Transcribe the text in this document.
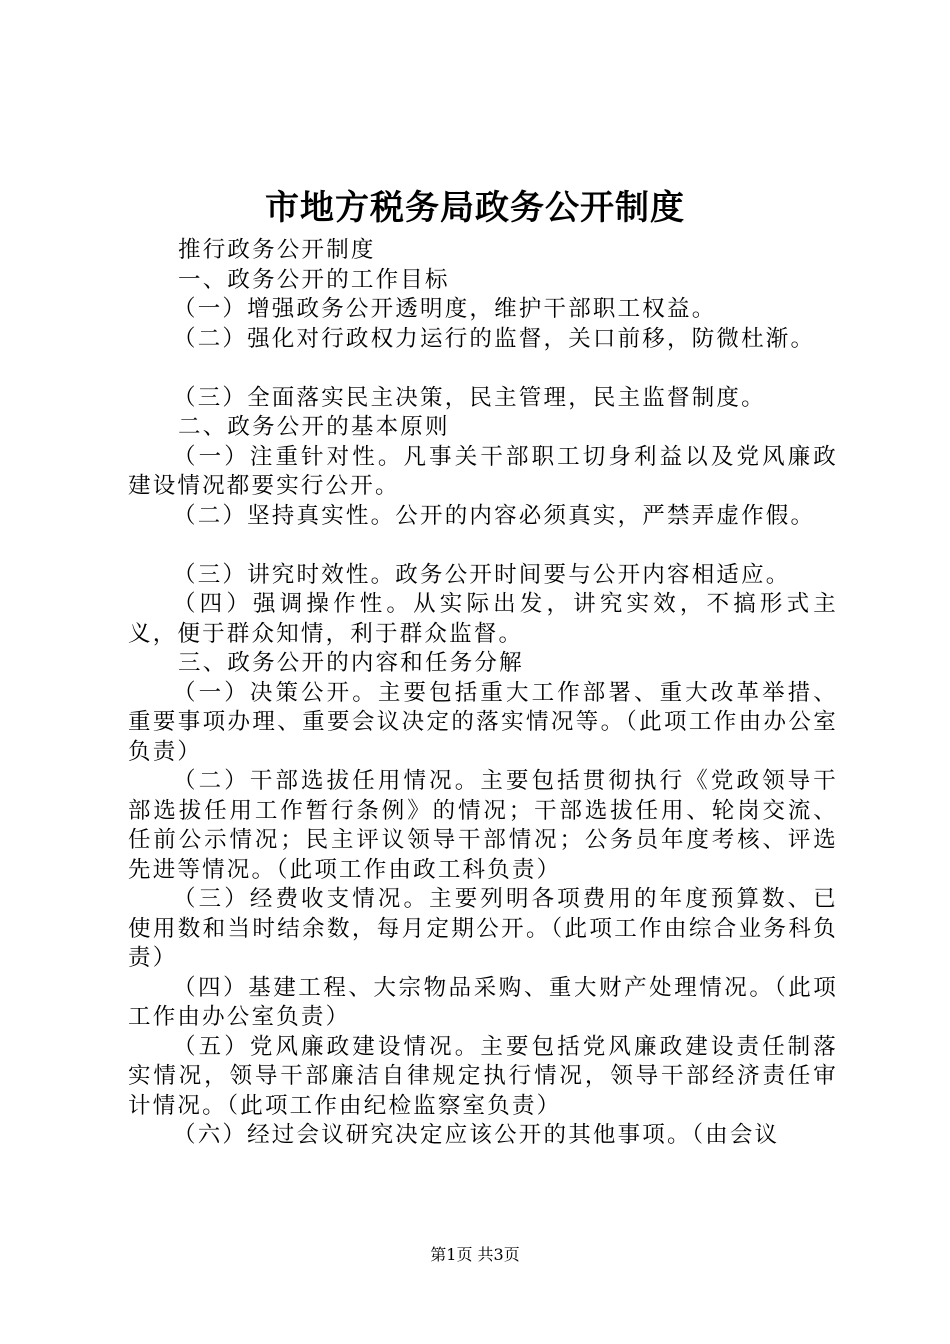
市地方税务局政务公开制度

推行政务公开制度

一、政务公开的工作目标

（一）增强政务公开透明度，维护干部职工权益。

（二）强化对行政权力运行的监督，关口前移，防微杜渐。

（三）全面落实民主决策，民主管理，民主监督制度。

二、政务公开的基本原则

（一）注重针对性。凡事关干部职工切身利益以及党风廉政建设情况都要实行公开。

（二）坚持真实性。公开的内容必须真实，严禁弄虚作假。

（三）讲究时效性。政务公开时间要与公开内容相适应。

（四）强调操作性。从实际出发，讲究实效，不搞形式主义，便于群众知情，利于群众监督。

三、政务公开的内容和任务分解

（一）决策公开。主要包括重大工作部署、重大改革举措、重要事项办理、重要会议决定的落实情况等。（此项工作由办公室负责）

（二）干部选拔任用情况。主要包括贯彻执行《党政领导干部选拔任用工作暂行条例》的情况；干部选拔任用、轮岗交流、任前公示情况；民主评议领导干部情况；公务员年度考核、评选先进等情况。（此项工作由政工科负责）

（三）经费收支情况。主要列明各项费用的年度预算数、已使用数和当时结余数，每月定期公开。（此项工作由综合业务科负责）

（四）基建工程、大宗物品采购、重大财产处理情况。（此项工作由办公室负责）

（五）党风廉政建设情况。主要包括党风廉政建设责任制落实情况，领导干部廉洁自律规定执行情况，领导干部经济责任审计情况。（此项工作由纪检监察室负责）

（六）经过会议研究决定应该公开的其他事项。（由会议

第1页 共3页
